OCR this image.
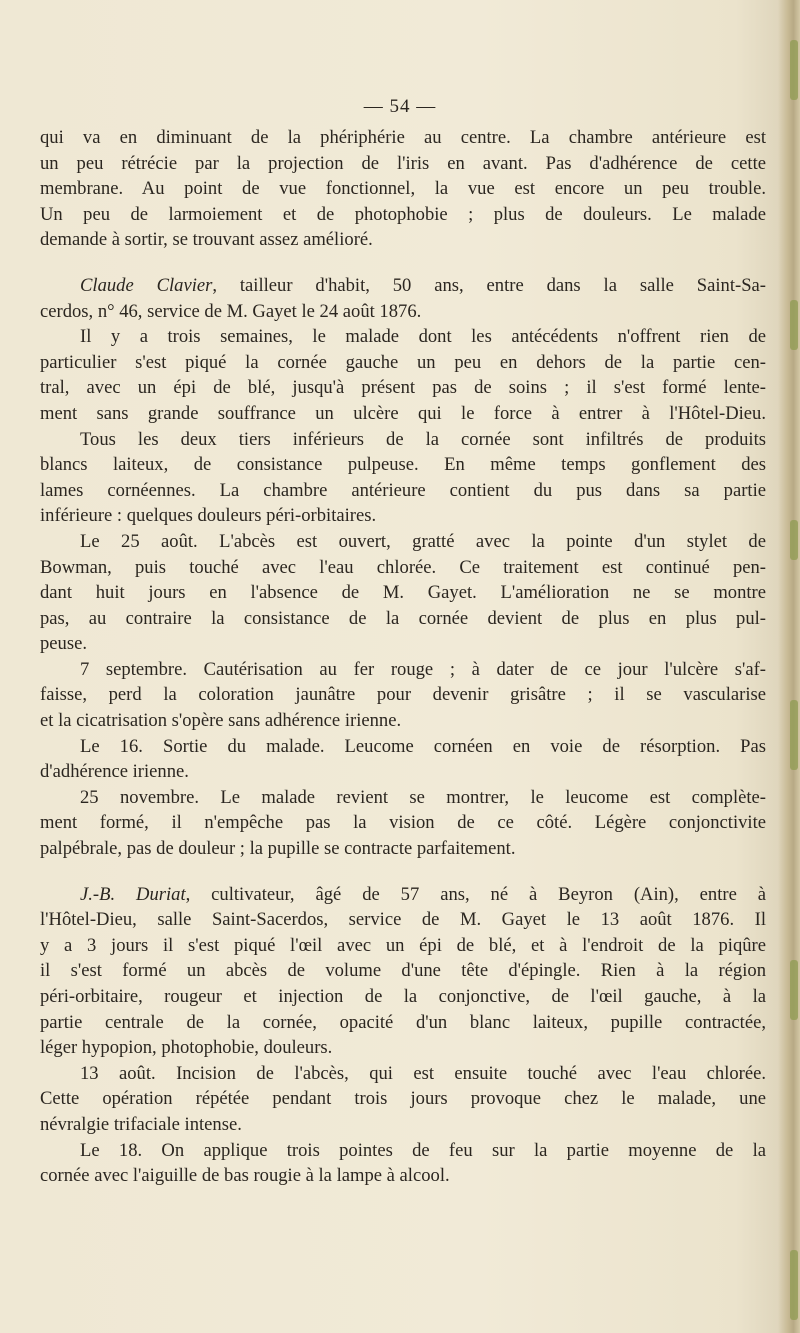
— 54 —
qui va en diminuant de la phériphérie au centre. La chambre antérieure est
un peu rétrécie par la projection de l'iris en avant. Pas d'adhérence de cette
membrane. Au point de vue fonctionnel, la vue est encore un peu trouble.
Un peu de larmoiement et de photophobie ; plus de douleurs. Le malade
demande à sortir, se trouvant assez amélioré.
Claude Clavier, tailleur d'habit, 50 ans, entre dans la salle Saint-Sa-
cerdos, n° 46, service de M. Gayet le 24 août 1876.
Il y a trois semaines, le malade dont les antécédents n'offrent rien de
particulier s'est piqué la cornée gauche un peu en dehors de la partie cen-
tral, avec un épi de blé, jusqu'à présent pas de soins ; il s'est formé lente-
ment sans grande souffrance un ulcère qui le force à entrer à l'Hôtel-Dieu.
Tous les deux tiers inférieurs de la cornée sont infiltrés de produits
blancs laiteux, de consistance pulpeuse. En même temps gonflement des
lames cornéennes. La chambre antérieure contient du pus dans sa partie
inférieure : quelques douleurs péri-orbitaires.
Le 25 août. L'abcès est ouvert, gratté avec la pointe d'un stylet de
Bowman, puis touché avec l'eau chlorée. Ce traitement est continué pen-
dant huit jours en l'absence de M. Gayet. L'amélioration ne se montre
pas, au contraire la consistance de la cornée devient de plus en plus pul-
peuse.
7 septembre. Cautérisation au fer rouge ; à dater de ce jour l'ulcère s'af-
faisse, perd la coloration jaunâtre pour devenir grisâtre ; il se vascularise
et la cicatrisation s'opère sans adhérence irienne.
Le 16. Sortie du malade. Leucome cornéen en voie de résorption. Pas
d'adhérence irienne.
25 novembre. Le malade revient se montrer, le leucome est complète-
ment formé, il n'empêche pas la vision de ce côté. Légère conjonctivite
palpébrale, pas de douleur ; la pupille se contracte parfaitement.
J.-B. Duriat, cultivateur, âgé de 57 ans, né à Beyron (Ain), entre à
l'Hôtel-Dieu, salle Saint-Sacerdos, service de M. Gayet le 13 août 1876. Il
y a 3 jours il s'est piqué l'œil avec un épi de blé, et à l'endroit de la piqûre
il s'est formé un abcès de volume d'une tête d'épingle. Rien à la région
péri-orbitaire, rougeur et injection de la conjonctive, de l'œil gauche, à la
partie centrale de la cornée, opacité d'un blanc laiteux, pupille contractée,
léger hypopion, photophobie, douleurs.
13 août. Incision de l'abcès, qui est ensuite touché avec l'eau chlorée.
Cette opération répétée pendant trois jours provoque chez le malade, une
névralgie trifaciale intense.
Le 18. On applique trois pointes de feu sur la partie moyenne de la
cornée avec l'aiguille de bas rougie à la lampe à alcool.
